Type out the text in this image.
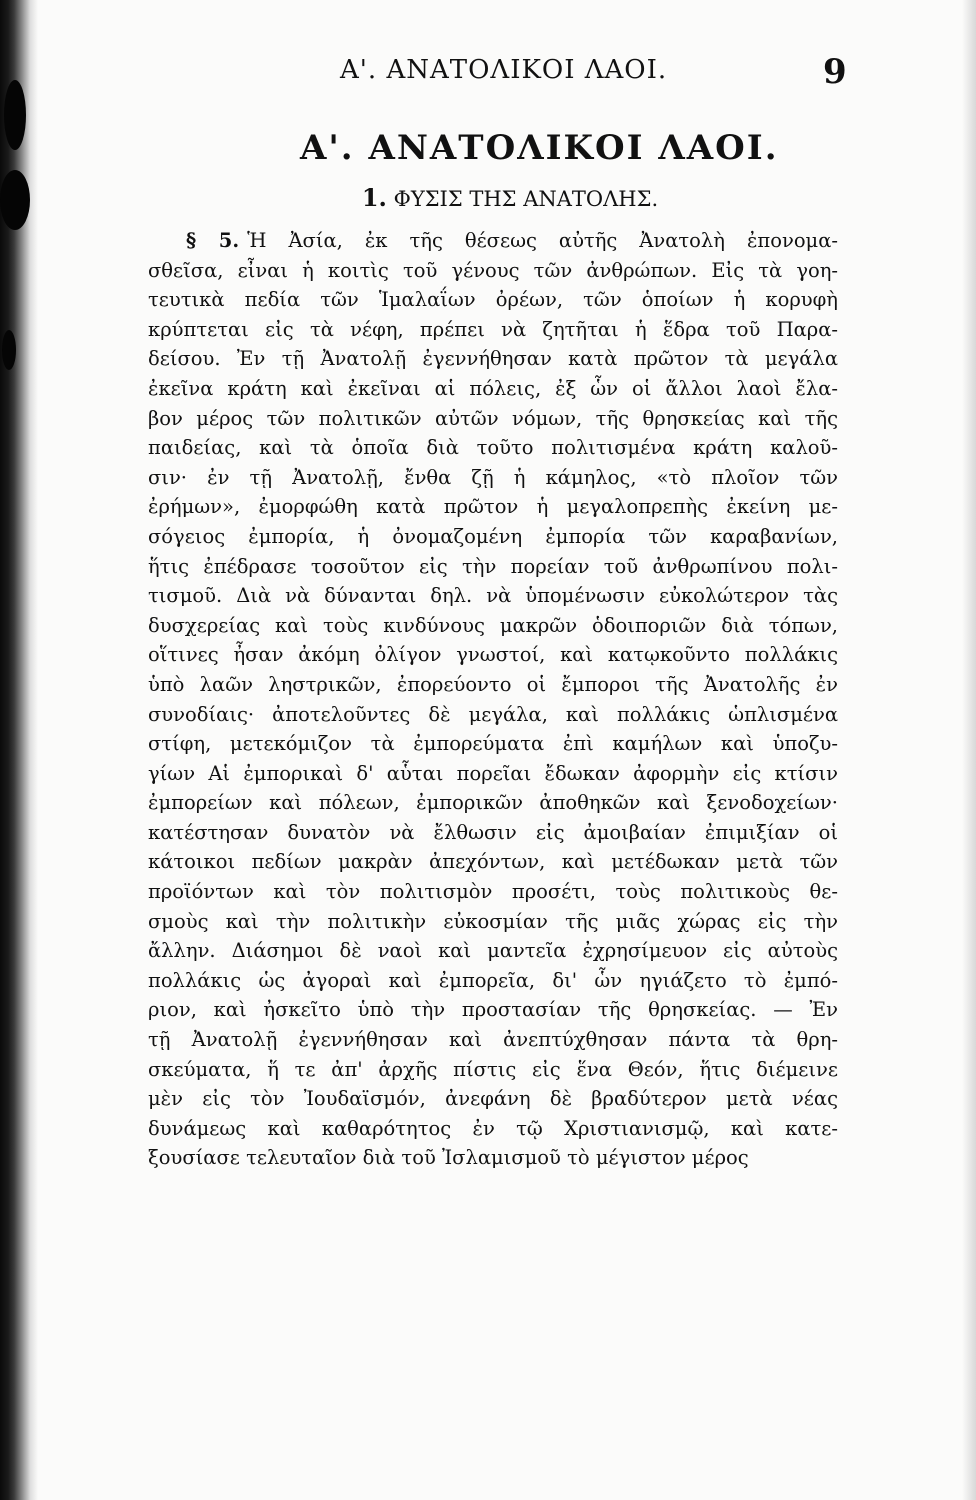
Α'. ΑΝΑΤΟΛΙΚΟΙ ΛΑΟΙ.	9
Α'. ΑΝΑΤΟΛΙΚΟΙ ΛΑΟΙ.
1. ΦΥΣΙΣ ΤΗΣ ΑΝΑΤΟΛΗΣ.
§ 5. Ἡ Ἀσία, ἐκ τῆς θέσεως αὐτῆς Ἀνατολὴ ἐπονομα-
σθεῖσα, εἶναι ἡ κοιτὶς τοῦ γένους τῶν ἀνθρώπων. Εἰς τὰ γοη-
τευτικὰ πεδία τῶν Ἱμαλαΐων ὀρέων, τῶν ὁποίων ἡ κορυφὴ
κρύπτεται εἰς τὰ νέφη, πρέπει νὰ ζητῆται ἡ ἕδρα τοῦ Παρα-
δείσου. Ἐν τῇ Ἀνατολῇ ἐγεννήθησαν κατὰ πρῶτον τὰ μεγάλα
ἐκεῖνα κράτη καὶ ἐκεῖναι αἱ πόλεις, ἐξ ὧν οἱ ἄλλοι λαοὶ ἔλα-
βον μέρος τῶν πολιτικῶν αὐτῶν νόμων, τῆς θρησκείας καὶ τῆς
παιδείας, καὶ τὰ ὁποῖα διὰ τοῦτο πολιτισμένα κράτη καλοῦ-
σιν· ἐν τῇ Ἀνατολῇ, ἔνθα ζῇ ἡ κάμηλος, «τὸ πλοῖον τῶν
ἐρήμων», ἐμορφώθη κατὰ πρῶτον ἡ μεγαλοπρεπὴς ἐκείνη με-
σόγειος ἐμπορία, ἡ ὀνομαζομένη ἐμπορία τῶν καραβανίων,
ἥτις ἐπέδρασε τοσοῦτον εἰς τὴν πορείαν τοῦ ἀνθρωπίνου πολι-
τισμοῦ. Διὰ νὰ δύνανται δηλ. νὰ ὑπομένωσιν εὐκολώτερον τὰς
δυσχερείας καὶ τοὺς κινδύνους μακρῶν ὁδοιποριῶν διὰ τόπων,
οἵτινες ἦσαν ἀκόμη ὀλίγον γνωστοί, καὶ κατῳκοῦντο πολλάκις
ὑπὸ λαῶν ληστρικῶν, ἐπορεύοντο οἱ ἔμποροι τῆς Ἀνατολῆς ἐν
συνοδίαις· ἀποτελοῦντες δὲ μεγάλα, καὶ πολλάκις ὡπλισμένα
στίφη, μετεκόμιζον τὰ ἐμπορεύματα ἐπὶ καμήλων καὶ ὑποζυ-
γίων Αἱ ἐμπορικαὶ δ' αὗται πορεῖαι ἔδωκαν ἀφορμὴν εἰς κτίσιν
ἐμπορείων καὶ πόλεων, ἐμπορικῶν ἀποθηκῶν καὶ ξενοδοχείων·
κατέστησαν δυνατὸν νὰ ἔλθωσιν εἰς ἀμοιβαίαν ἐπιμιξίαν οἱ
κάτοικοι πεδίων μακρὰν ἀπεχόντων, καὶ μετέδωκαν μετὰ τῶν
προϊόντων καὶ τὸν πολιτισμὸν προσέτι, τοὺς πολιτικοὺς θε-
σμοὺς καὶ τὴν πολιτικὴν εὐκοσμίαν τῆς μιᾶς χώρας εἰς τὴν
ἄλλην. Διάσημοι δὲ ναοὶ καὶ μαντεῖα ἐχρησίμευον εἰς αὐτοὺς
πολλάκις ὡς ἀγοραὶ καὶ ἐμπορεῖα, δι' ὧν ηγιάζετο τὸ ἐμπό-
ριον, καὶ ἠσκεῖτο ὑπὸ τὴν προστασίαν τῆς θρησκείας. — Ἐν
τῇ Ἀνατολῇ ἐγεννήθησαν καὶ ἀνεπτύχθησαν πάντα τὰ θρη-
σκεύματα, ἥ τε ἀπ' ἀρχῆς πίστις εἰς ἕνα Θεόν, ἥτις διέμεινε
μὲν εἰς τὸν Ἰουδαϊσμόν, ἀνεφάνη δὲ βραδύτερον μετὰ νέας
δυνάμεως καὶ καθαρότητος ἐν τῷ Χριστιανισμῷ, καὶ κατε-
ξουσίασε τελευταῖον διὰ τοῦ Ἰσλαμισμοῦ τὸ μέγιστον μέρος
